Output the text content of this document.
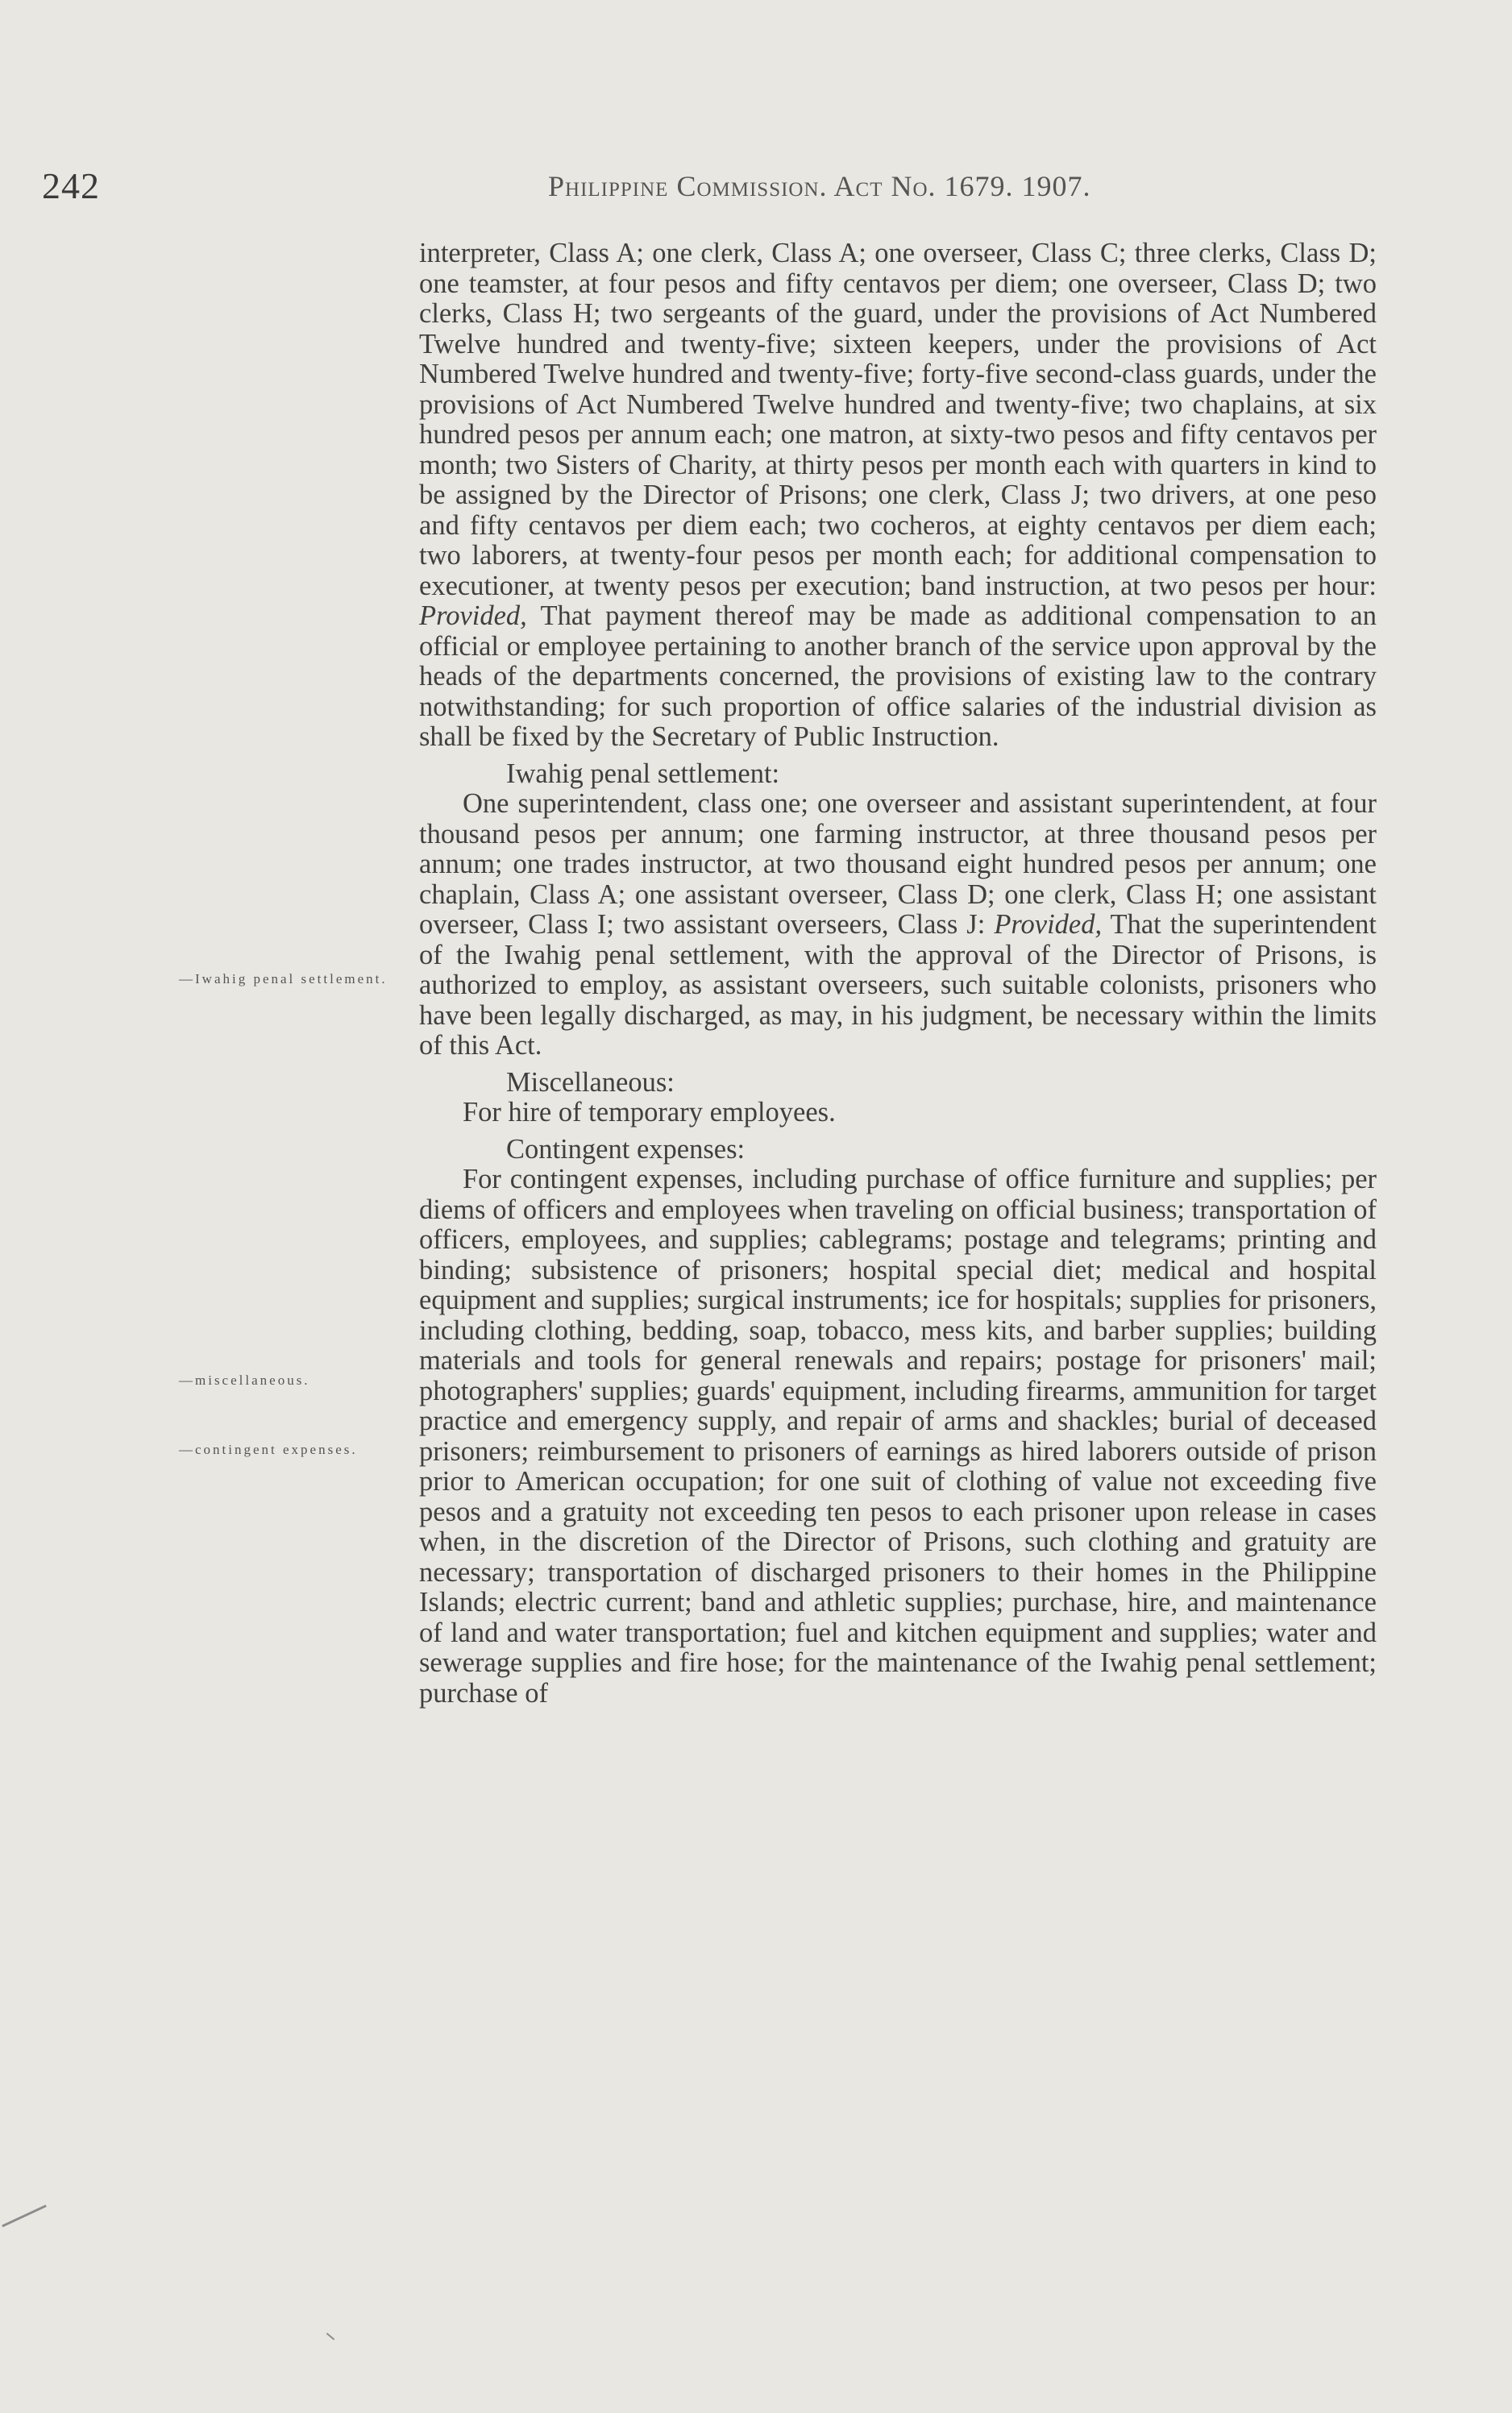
242	Philippine Commission. Act No. 1679. 1907.
—Iwahig penal settlement.
—miscellaneous.
—contingent expenses.

interpreter, Class A; one clerk, Class A; one overseer, Class C; three clerks, Class D; one teamster, at four pesos and fifty centavos per diem; one overseer, Class D; two clerks, Class H; two sergeants of the guard, under the provisions of Act Numbered Twelve hundred and twenty-five; sixteen keepers, under the provisions of Act Numbered Twelve hundred and twenty-five; forty-five second-class guards, under the provisions of Act Numbered Twelve hundred and twenty-five; two chaplains, at six hundred pesos per annum each; one matron, at sixty-two pesos and fifty centavos per month; two Sisters of Charity, at thirty pesos per month each with quarters in kind to be assigned by the Director of Prisons; one clerk, Class J; two drivers, at one peso and fifty centavos per diem each; two cocheros, at eighty centavos per diem each; two laborers, at twenty-four pesos per month each; for additional compensation to executioner, at twenty pesos per execution; band instruction, at two pesos per hour: Provided, That payment thereof may be made as additional compensation to an official or employee pertaining to another branch of the service upon approval by the heads of the departments concerned, the provisions of existing law to the contrary notwithstanding; for such proportion of office salaries of the industrial division as shall be fixed by the Secretary of Public Instruction.

Iwahig penal settlement:

One superintendent, class one; one overseer and assistant superintendent, at four thousand pesos per annum; one farming instructor, at three thousand pesos per annum; one trades instructor, at two thousand eight hundred pesos per annum; one chaplain, Class A; one assistant overseer, Class D; one clerk, Class H; one assistant overseer, Class I; two assistant overseers, Class J: Provided, That the superintendent of the Iwahig penal settlement, with the approval of the Director of Prisons, is authorized to employ, as assistant overseers, such suitable colonists, prisoners who have been legally discharged, as may, in his judgment, be necessary within the limits of this Act.

Miscellaneous:

For hire of temporary employees.

Contingent expenses:

For contingent expenses, including purchase of office furniture and supplies; per diems of officers and employees when traveling on official business; transportation of officers, employees, and supplies; cablegrams; postage and telegrams; printing and binding; subsistence of prisoners; hospital special diet; medical and hospital equipment and supplies; surgical instruments; ice for hospitals; supplies for prisoners, including clothing, bedding, soap, tobacco, mess kits, and barber supplies; building materials and tools for general renewals and repairs; postage for prisoners' mail; photographers' supplies; guards' equipment, including firearms, ammunition for target practice and emergency supply, and repair of arms and shackles; burial of deceased prisoners; reimbursement to prisoners of earnings as hired laborers outside of prison prior to American occupation; for one suit of clothing of value not exceeding five pesos and a gratuity not exceeding ten pesos to each prisoner upon release in cases when, in the discretion of the Director of Prisons, such clothing and gratuity are necessary; transportation of discharged prisoners to their homes in the Philippine Islands; electric current; band and athletic supplies; purchase, hire, and maintenance of land and water transportation; fuel and kitchen equipment and supplies; water and sewerage supplies and fire hose; for the maintenance of the Iwahig penal settlement; purchase of
